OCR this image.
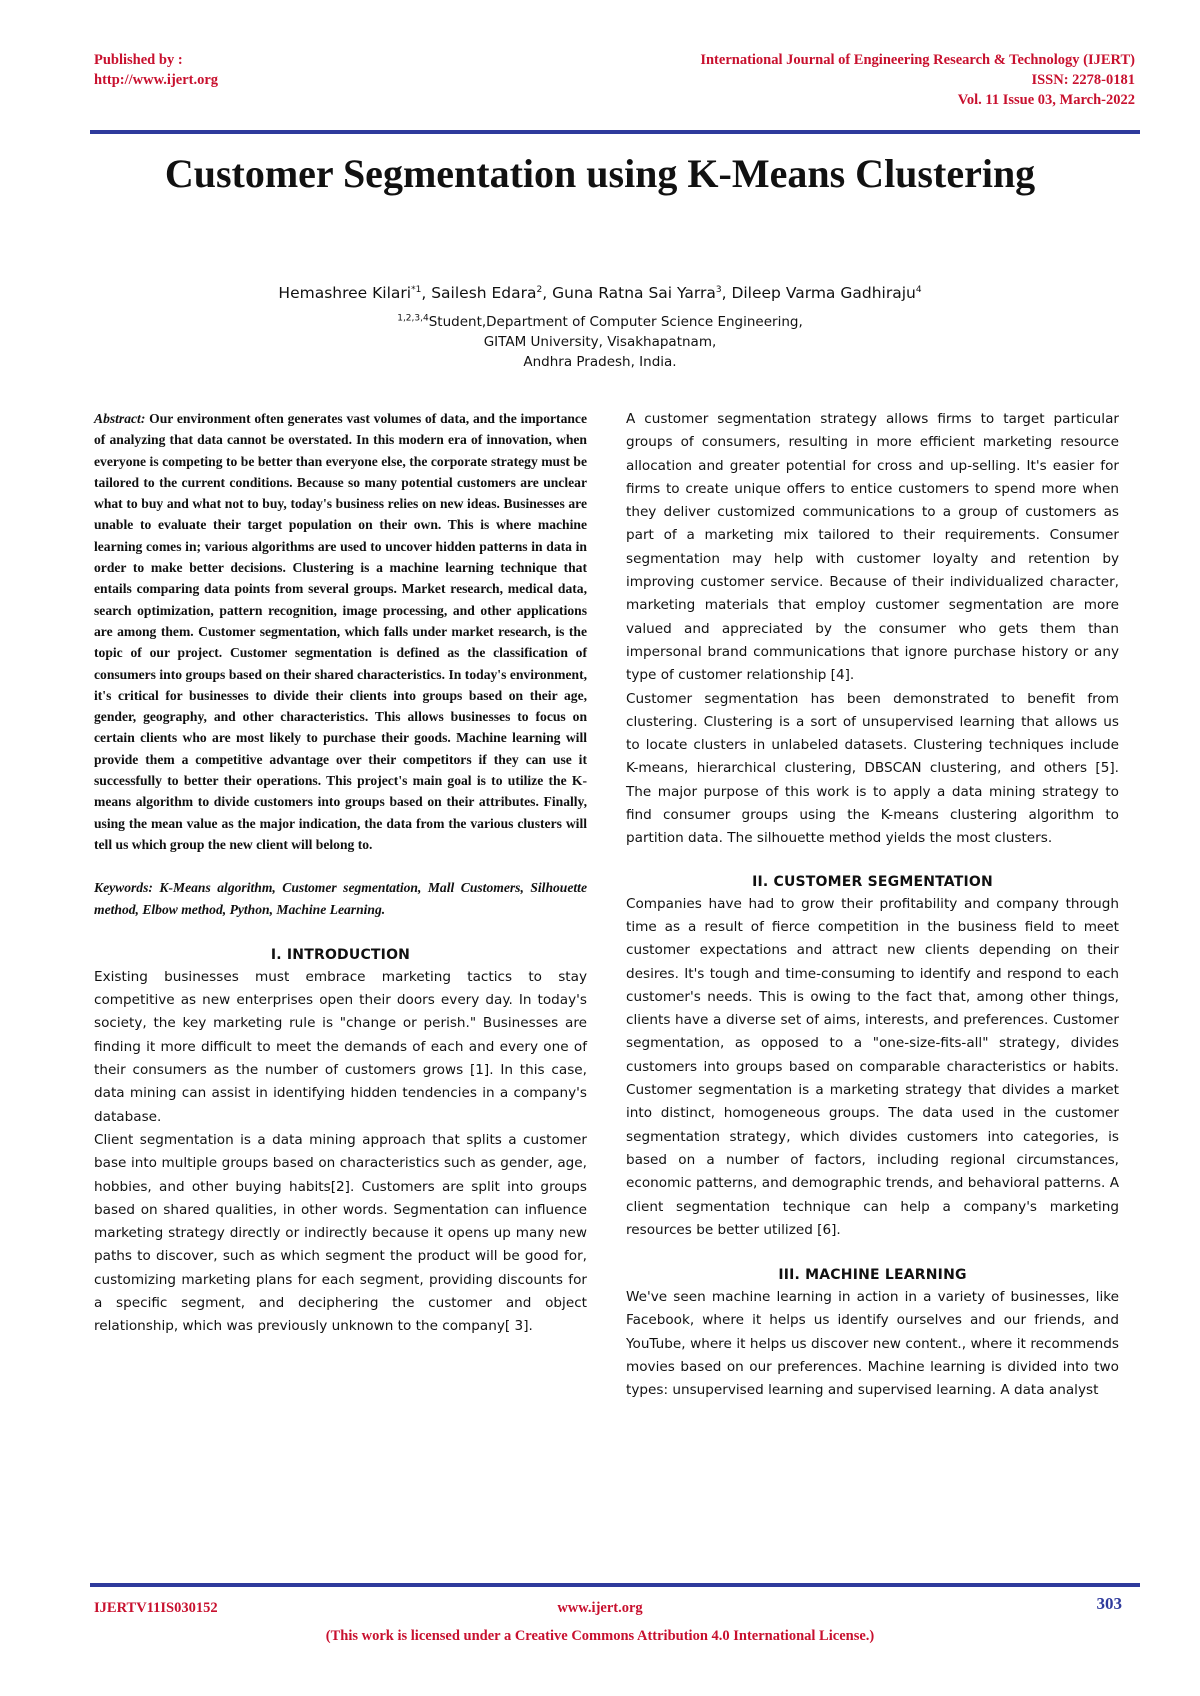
Published by :
http://www.ijert.org
International Journal of Engineering Research & Technology (IJERT)
ISSN: 2278-0181
Vol. 11 Issue 03, March-2022
Customer Segmentation using K-Means Clustering
Hemashree Kilari$^{*1}$, Sailesh Edara$^2$, Guna Ratna Sai Yarra$^3$, Dileep Varma Gadhiraju$^4$
$^{1,2,3,4}$Student,Department of Computer Science Engineering,
GITAM University, Visakhapatnam,
Andhra Pradesh, India.

Abstract: Our environment often generates vast volumes of data, and the importance of analyzing that data cannot be overstated. In this modern era of innovation, when everyone is competing to be better than everyone else, the corporate strategy must be tailored to the current conditions. Because so many potential customers are unclear what to buy and what not to buy, today's business relies on new ideas. Businesses are unable to evaluate their target population on their own. This is where machine learning comes in; various algorithms are used to uncover hidden patterns in data in order to make better decisions. Clustering is a machine learning technique that entails comparing data points from several groups. Market research, medical data, search optimization, pattern recognition, image processing, and other applications are among them. Customer segmentation, which falls under market research, is the topic of our project. Customer segmentation is defined as the classification of consumers into groups based on their shared characteristics. In today's environment, it's critical for businesses to divide their clients into groups based on their age, gender, geography, and other characteristics. This allows businesses to focus on certain clients who are most likely to purchase their goods. Machine learning will provide them a competitive advantage over their competitors if they can use it successfully to better their operations. This project's main goal is to utilize the K-means algorithm to divide customers into groups based on their attributes. Finally, using the mean value as the major indication, the data from the various clusters will tell us which group the new client will belong to.

Keywords: K-Means algorithm, Customer segmentation, Mall Customers, Silhouette method, Elbow method, Python, Machine Learning.

I. INTRODUCTION

Existing businesses must embrace marketing tactics to stay competitive as new enterprises open their doors every day. In today's society, the key marketing rule is "change or perish." Businesses are finding it more difficult to meet the demands of each and every one of their consumers as the number of customers grows [1]. In this case, data mining can assist in identifying hidden tendencies in a company's database.

Client segmentation is a data mining approach that splits a customer base into multiple groups based on characteristics such as gender, age, hobbies, and other buying habits[2]. Customers are split into groups based on shared qualities, in other words. Segmentation can influence marketing strategy directly or indirectly because it opens up many new paths to discover, such as which segment the product will be good for, customizing marketing plans for each segment, providing discounts for a specific segment, and deciphering the customer and object relationship, which was previously unknown to the company[ 3].

A customer segmentation strategy allows firms to target particular groups of consumers, resulting in more efficient marketing resource allocation and greater potential for cross and up-selling. It's easier for firms to create unique offers to entice customers to spend more when they deliver customized communications to a group of customers as part of a marketing mix tailored to their requirements. Consumer segmentation may help with customer loyalty and retention by improving customer service. Because of their individualized character, marketing materials that employ customer segmentation are more valued and appreciated by the consumer who gets them than impersonal brand communications that ignore purchase history or any type of customer relationship [4].

Customer segmentation has been demonstrated to benefit from clustering. Clustering is a sort of unsupervised learning that allows us to locate clusters in unlabeled datasets. Clustering techniques include K-means, hierarchical clustering, DBSCAN clustering, and others [5]. The major purpose of this work is to apply a data mining strategy to find consumer groups using the K-means clustering algorithm to partition data. The silhouette method yields the most clusters.

II. CUSTOMER SEGMENTATION

Companies have had to grow their profitability and company through time as a result of fierce competition in the business field to meet customer expectations and attract new clients depending on their desires. It's tough and time-consuming to identify and respond to each customer's needs. This is owing to the fact that, among other things, clients have a diverse set of aims, interests, and preferences. Customer segmentation, as opposed to a "one-size-fits-all" strategy, divides customers into groups based on comparable characteristics or habits. Customer segmentation is a marketing strategy that divides a market into distinct, homogeneous groups. The data used in the customer segmentation strategy, which divides customers into categories, is based on a number of factors, including regional circumstances, economic patterns, and demographic trends, and behavioral patterns. A client segmentation technique can help a company's marketing resources be better utilized [6].

III. MACHINE LEARNING

We've seen machine learning in action in a variety of businesses, like Facebook, where it helps us identify ourselves and our friends, and YouTube, where it helps us discover new content., where it recommends movies based on our preferences. Machine learning is divided into two types: unsupervised learning and supervised learning. A data analyst

IJERTV11IS030152	www.ijert.org	303
(This work is licensed under a Creative Commons Attribution 4.0 International License.)
